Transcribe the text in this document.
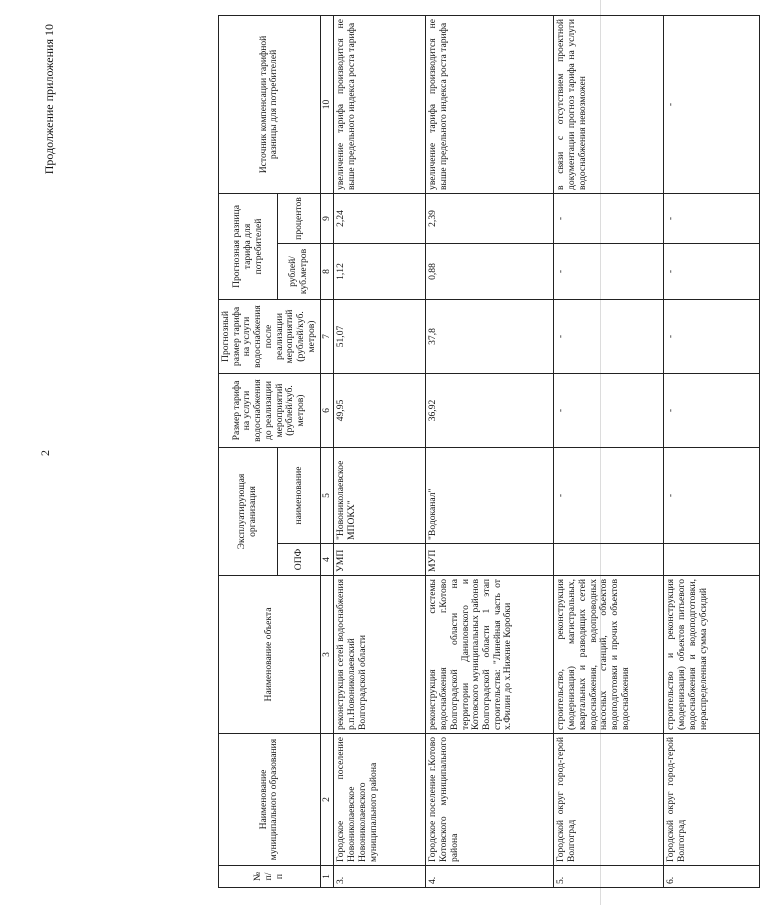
2
Продолжение приложения 10
№ п/ п	Наименование муниципального образования	Наименование объекта	Эксплуатирующая организация		Размер тарифа на услуги водоснабжения до реализации мероприятий (рублей/куб. метров)	Прогнозный размер тарифа на услуги водоснабжения после реализации мероприятий (рублей/куб. метров)	Прогнозная разница тарифа для потребителей		Источник компенсации тарифной разницы для потребителей
			ОПФ	наименование			рублей/ куб.метров	процентов	
1	2	3	4	5	6	7	8	9	10
3.	Городское поселение Новониколаевское Новониколаевского муниципального района	реконструкция сетей водоснабжения р.п.Новониколаевский Волгоградской области	УМП	"Новониколаевское МПОКХ"	49,95	51,07	1,12	2,24	увеличение тарифа производится не выше предельного индекса роста тарифа
4.	Городское поселение г.Котово Котовского муниципального района	реконструкция системы водоснабжения г.Котово Волгоградской области на территории Даниловского и Котовского муниципальных районов Волгоградской области 1 этап строительства: "Линейная часть от х.Филин до х.Нижние Коробки	МУП	"Водоканал"	36,92	37,8	0,88	2,39	увеличение тарифа производится не выше предельного индекса роста тарифа
5.	Городской округ город-герой Волгоград	строительство, реконструкция (модернизация) магистральных, квартальных и разводящих сетей водоснабжения, водопроводных насосных станций, объектов водоподготовки и прочих объектов водоснабжения		-	-	-	-	-	в связи с отсутствием проектной документации прогноз тарифа на услуги водоснабжения невозможен
6.	Городской округ город-герой Волгоград	строительство и реконструкция (модернизация) объектов питьевого водоснабжения и водоподготовки, нераспределенная сумма субсидий		-	-	-	-	-	-
